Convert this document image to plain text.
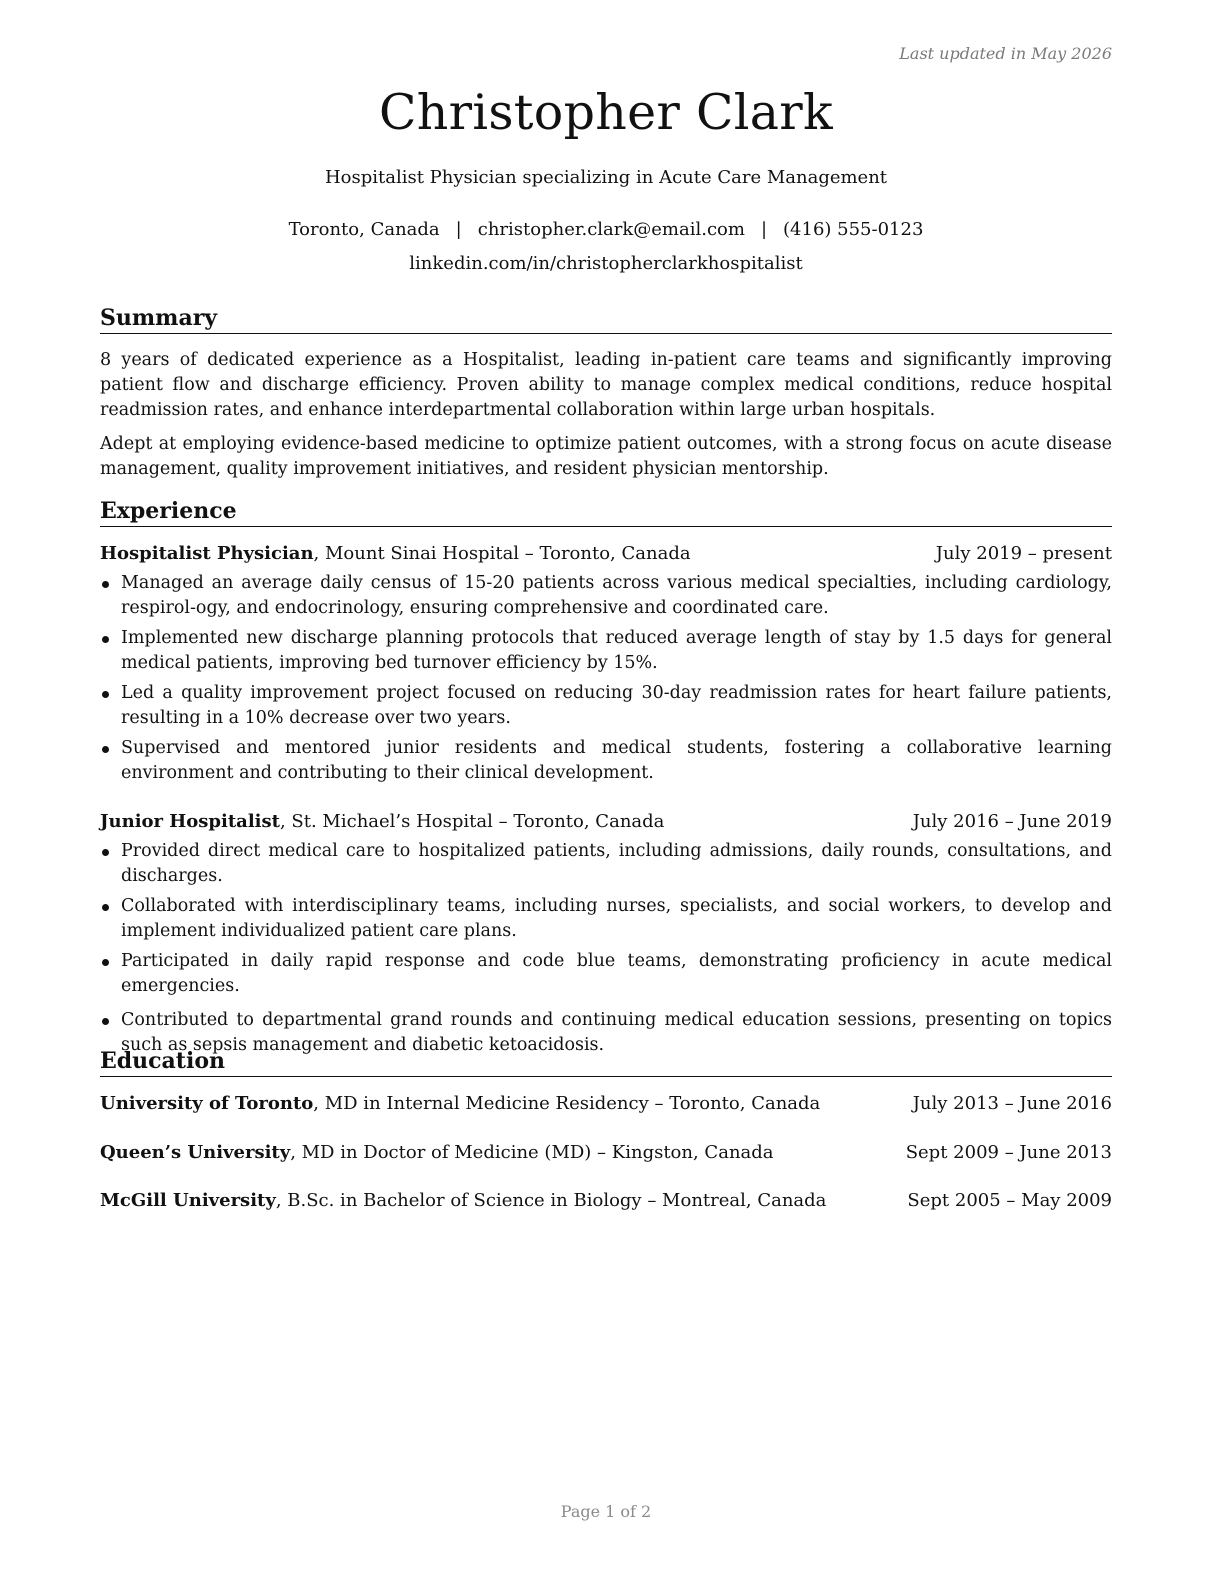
Last updated in May 2026
Christopher Clark
Hospitalist Physician specializing in Acute Care Management
Toronto, Canada | christopher.clark@email.com | (416) 555-0123
linkedin.com/in/christopherclarkhospitalist
Summary

8 years of dedicated experience as a Hospitalist, leading in-patient care teams and significantly improving patient flow and discharge efficiency. Proven ability to manage complex medical conditions, reduce hospital readmission rates, and enhance interdepartmental collaboration within large urban hospitals.

Adept at employing evidence-based medicine to optimize patient outcomes, with a strong focus on acute disease management, quality improvement initiatives, and resident physician mentorship.

Experience
Hospitalist Physician, Mount Sinai Hospital – Toronto, Canada	July 2019 – present
Managed an average daily census of 15-20 patients across various medical specialties, including cardiology, respirol-ogy, and endocrinology, ensuring comprehensive and coordinated care.
Implemented new discharge planning protocols that reduced average length of stay by 1.5 days for general medical patients, improving bed turnover efficiency by 15%.
Led a quality improvement project focused on reducing 30-day readmission rates for heart failure patients, resulting in a 10% decrease over two years.
Supervised and mentored junior residents and medical students, fostering a collaborative learning environment and contributing to their clinical development.
Junior Hospitalist, St. Michael’s Hospital – Toronto, Canada	July 2016 – June 2019
Provided direct medical care to hospitalized patients, including admissions, daily rounds, consultations, and discharges.
Collaborated with interdisciplinary teams, including nurses, specialists, and social workers, to develop and implement individualized patient care plans.
Participated in daily rapid response and code blue teams, demonstrating proficiency in acute medical emergencies.
Contributed to departmental grand rounds and continuing medical education sessions, presenting on topics such as sepsis management and diabetic ketoacidosis.
Education
University of Toronto, MD in Internal Medicine Residency – Toronto, Canada	July 2013 – June 2016
Queen’s University, MD in Doctor of Medicine (MD) – Kingston, Canada	Sept 2009 – June 2013
McGill University, B.Sc. in Bachelor of Science in Biology – Montreal, Canada	Sept 2005 – May 2009
Page 1 of 2
